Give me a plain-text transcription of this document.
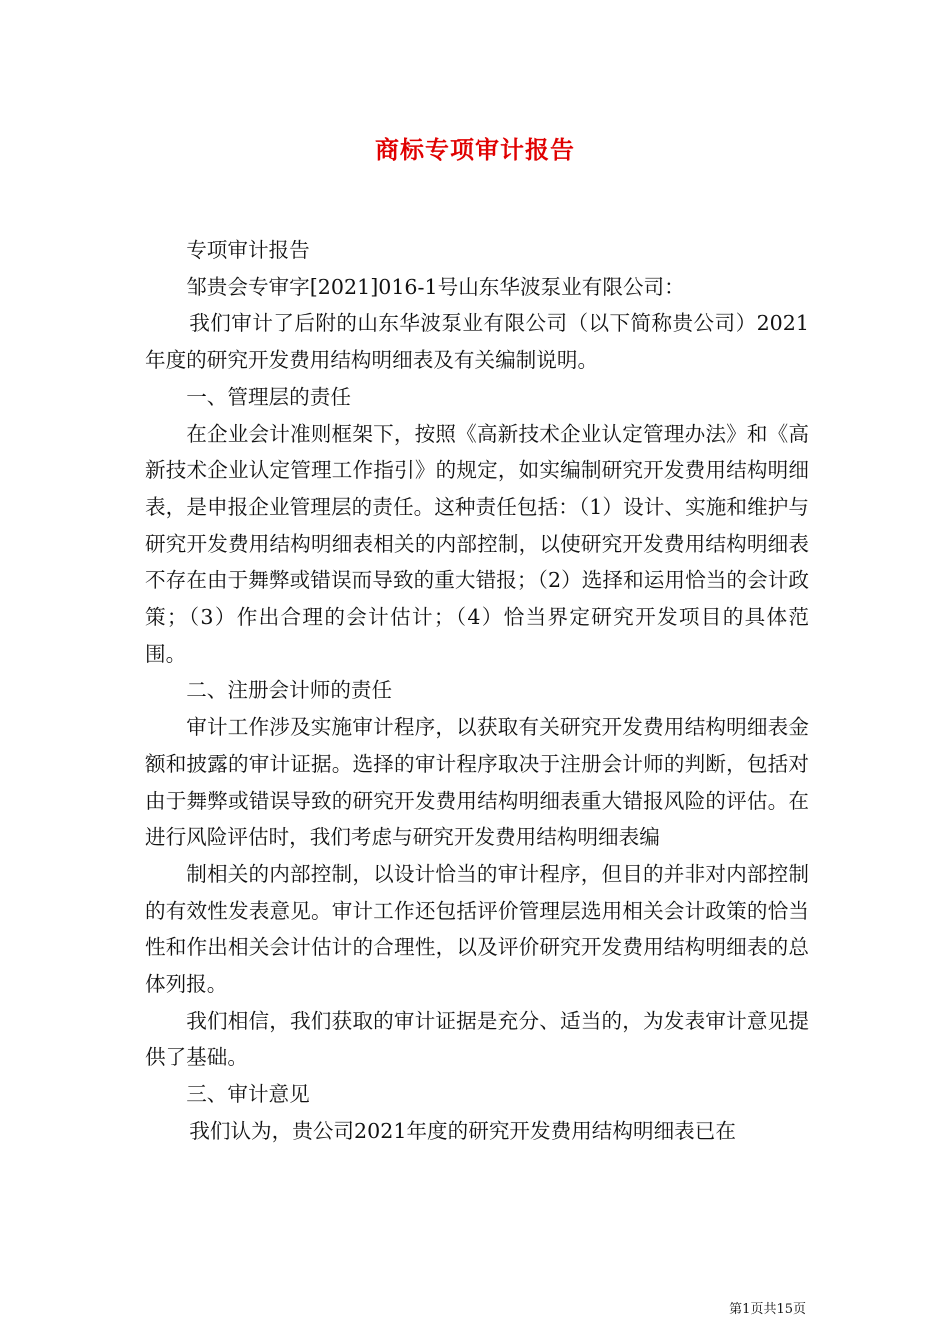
商标专项审计报告

专项审计报告

邹贵会专审字[2021]016-1号山东华波泵业有限公司：

我们审计了后附的山东华波泵业有限公司（以下简称贵公司）2021年度的研究开发费用结构明细表及有关编制说明。

一、管理层的责任

在企业会计准则框架下，按照《高新技术企业认定管理办法》和《高新技术企业认定管理工作指引》的规定，如实编制研究开发费用结构明细表，是申报企业管理层的责任。这种责任包括：（1）设计、实施和维护与研究开发费用结构明细表相关的内部控制，以使研究开发费用结构明细表不存在由于舞弊或错误而导致的重大错报；（2）选择和运用恰当的会计政策；（3）作出合理的会计估计；（4）恰当界定研究开发项目的具体范围。

二、注册会计师的责任

审计工作涉及实施审计程序，以获取有关研究开发费用结构明细表金额和披露的审计证据。选择的审计程序取决于注册会计师的判断，包括对由于舞弊或错误导致的研究开发费用结构明细表重大错报风险的评估。在进行风险评估时，我们考虑与研究开发费用结构明细表编

制相关的内部控制，以设计恰当的审计程序，但目的并非对内部控制的有效性发表意见。审计工作还包括评价管理层选用相关会计政策的恰当性和作出相关会计估计的合理性，以及评价研究开发费用结构明细表的总体列报。

我们相信，我们获取的审计证据是充分、适当的，为发表审计意见提供了基础。

三、审计意见

我们认为，贵公司2021年度的研究开发费用结构明细表已在

第1页共15页
